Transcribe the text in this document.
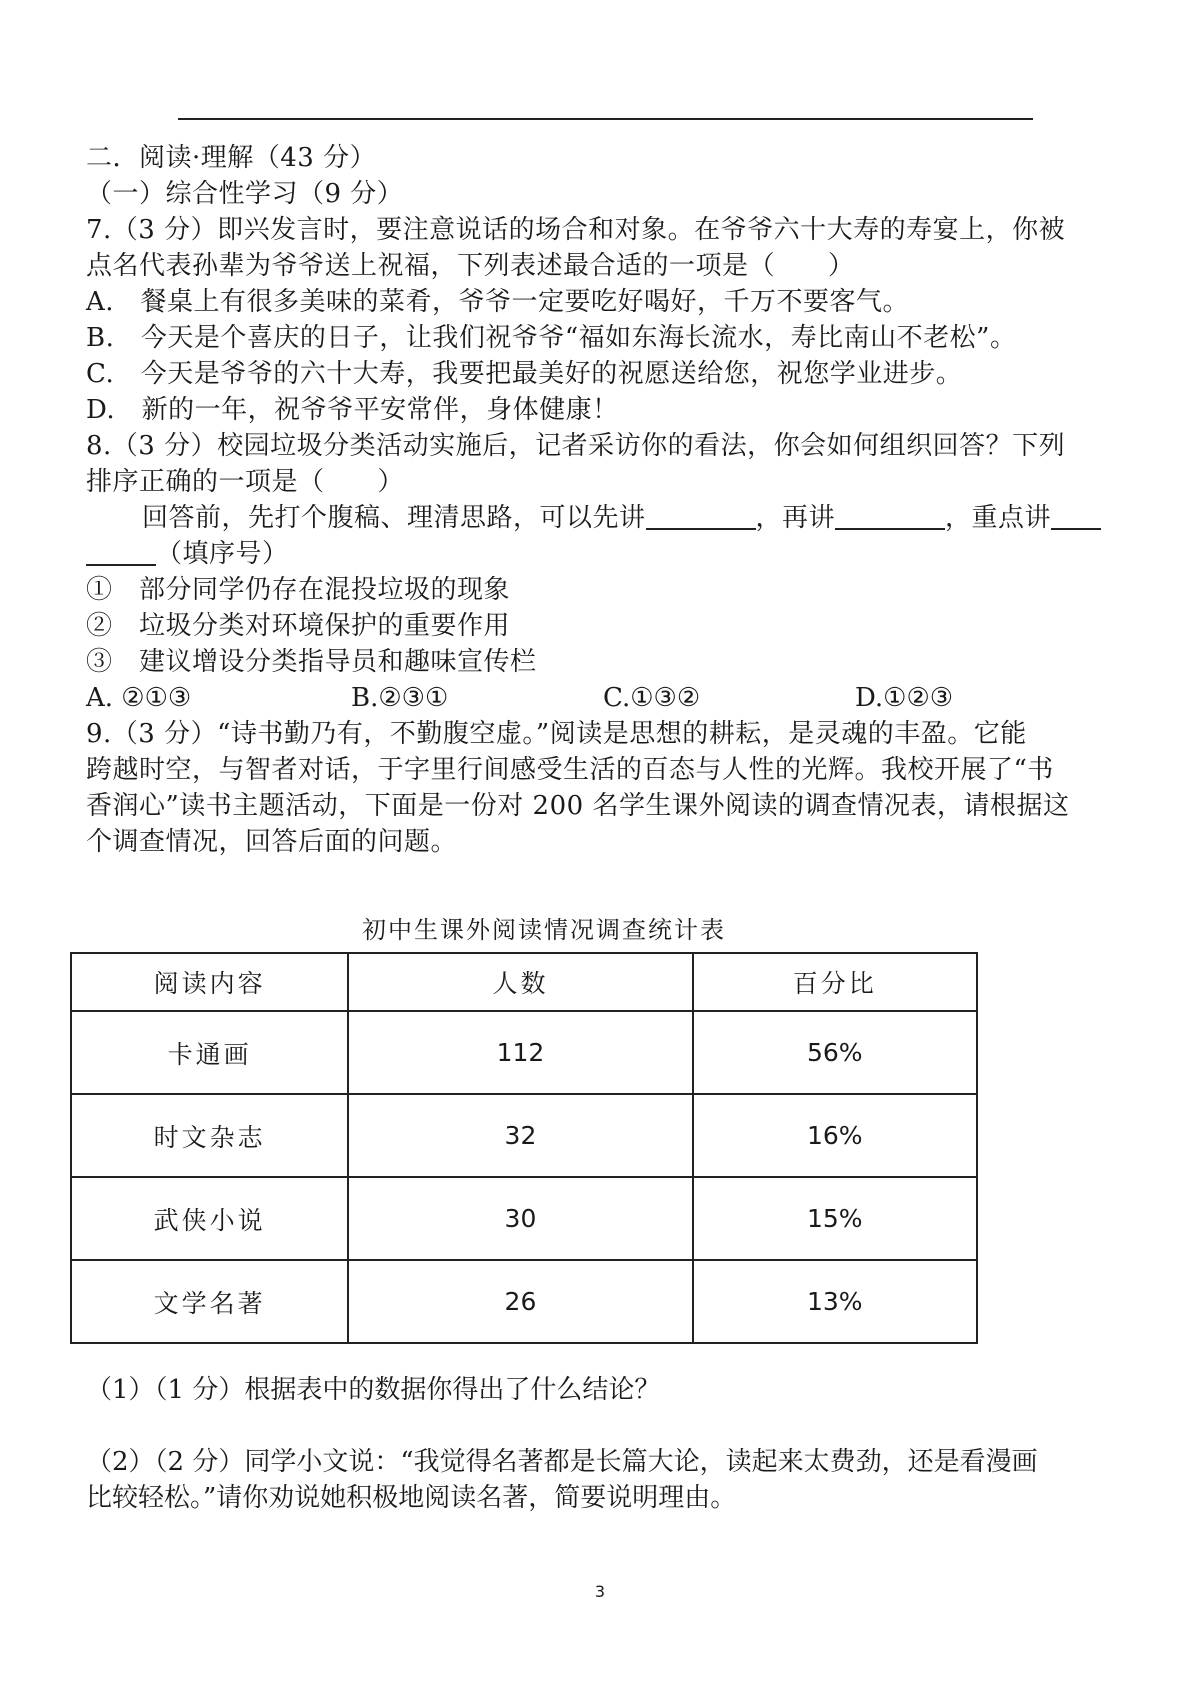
二．阅读·理解（43 分）
（一）综合性学习（9 分）
7.（3 分）即兴发言时，要注意说话的场合和对象。在爷爷六十大寿的寿宴上，你被
点名代表孙辈为爷爷送上祝福，下列表述最合适的一项是（　　）
A.　餐桌上有很多美味的菜肴，爷爷一定要吃好喝好，千万不要客气。
B.　今天是个喜庆的日子，让我们祝爷爷“福如东海长流水，寿比南山不老松”。
C.　今天是爷爷的六十大寿，我要把最美好的祝愿送给您，祝您学业进步。
D.　新的一年，祝爷爷平安常伴，身体健康！
8.（3 分）校园垃圾分类活动实施后，记者采访你的看法，你会如何组织回答？下列
排序正确的一项是（　　）
回答前，先打个腹稿、理清思路，可以先讲	，再讲	，重点讲
（填序号）
①　部分同学仍存在混投垃圾的现象
②　垃圾分类对环境保护的重要作用
③　建议增设分类指导员和趣味宣传栏
A. ②①③	B.②③①	C.①③②	D.①②③
9.（3 分）“诗书勤乃有，不勤腹空虚。”阅读是思想的耕耘，是灵魂的丰盈。它能
跨越时空，与智者对话，于字里行间感受生活的百态与人性的光辉。我校开展了“书
香润心”读书主题活动，下面是一份对 200 名学生课外阅读的调查情况表，请根据这
个调查情况，回答后面的问题。
初中生课外阅读情况调查统计表
阅读内容	人数	百分比
卡通画	112	56%
时文杂志	32	16%
武侠小说	30	15%
文学名著	26	13%
（1）（1 分）根据表中的数据你得出了什么结论？
（2）（2 分）同学小文说：“我觉得名著都是长篇大论，读起来太费劲，还是看漫画
比较轻松。”请你劝说她积极地阅读名著，简要说明理由。
3
